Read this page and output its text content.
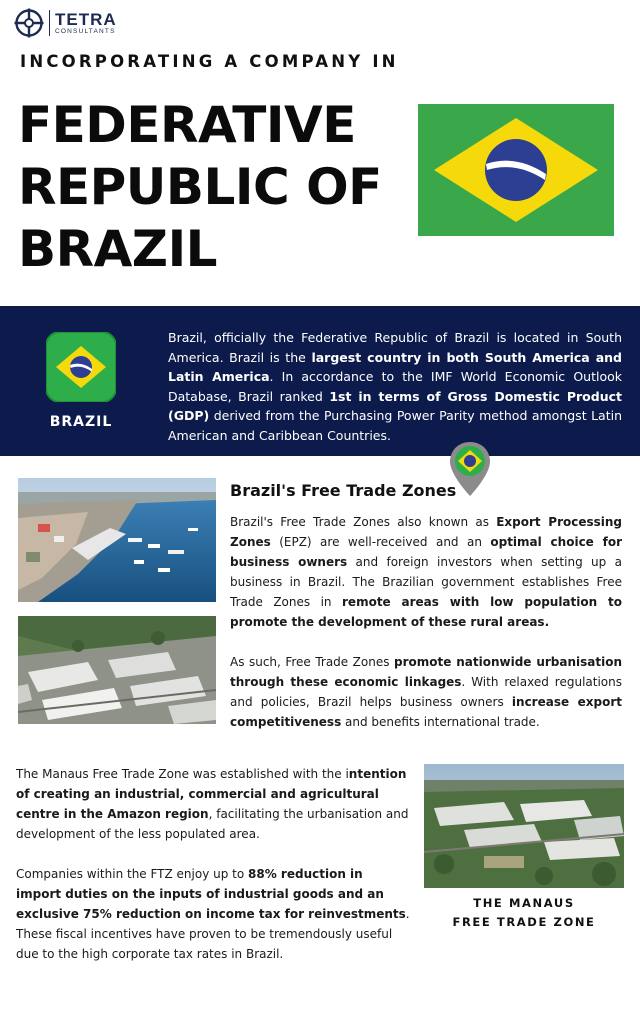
TETRA
CONSULTANTS
INCORPORATING A COMPANY IN
FEDERATIVE
REPUBLIC OF
BRAZIL
BRAZIL

Brazil, officially the Federative Republic of Brazil is located in South America. Brazil is the largest country in both South America and Latin America. In accordance to the IMF World Economic Outlook Database, Brazil ranked 1st in terms of Gross Domestic Product (GDP) derived from the Purchasing Power Parity method amongst Latin American and Caribbean Countries.

Brazil's Free Trade Zones

Brazil's Free Trade Zones also known as Export Processing Zones (EPZ) are well-received and an optimal choice for business owners and foreign investors when setting up a business in Brazil. The Brazilian government establishes Free Trade Zones in remote areas with low population to promote the development of these rural areas.

As such, Free Trade Zones promote nationwide urbanisation through these economic linkages. With relaxed regulations and policies, Brazil helps business owners increase export competitiveness and benefits international trade.

The Manaus Free Trade Zone was established with the intention of creating an industrial, commercial and agricultural centre in the Amazon region, facilitating the urbanisation and development of the less populated area.

Companies within the FTZ enjoy up to 88% reduction in import duties on the inputs of industrial goods and an exclusive 75% reduction on income tax for reinvestments. These fiscal incentives have proven to be tremendously useful due to the high corporate tax rates in Brazil.

THE MANAUS
FREE TRADE ZONE
